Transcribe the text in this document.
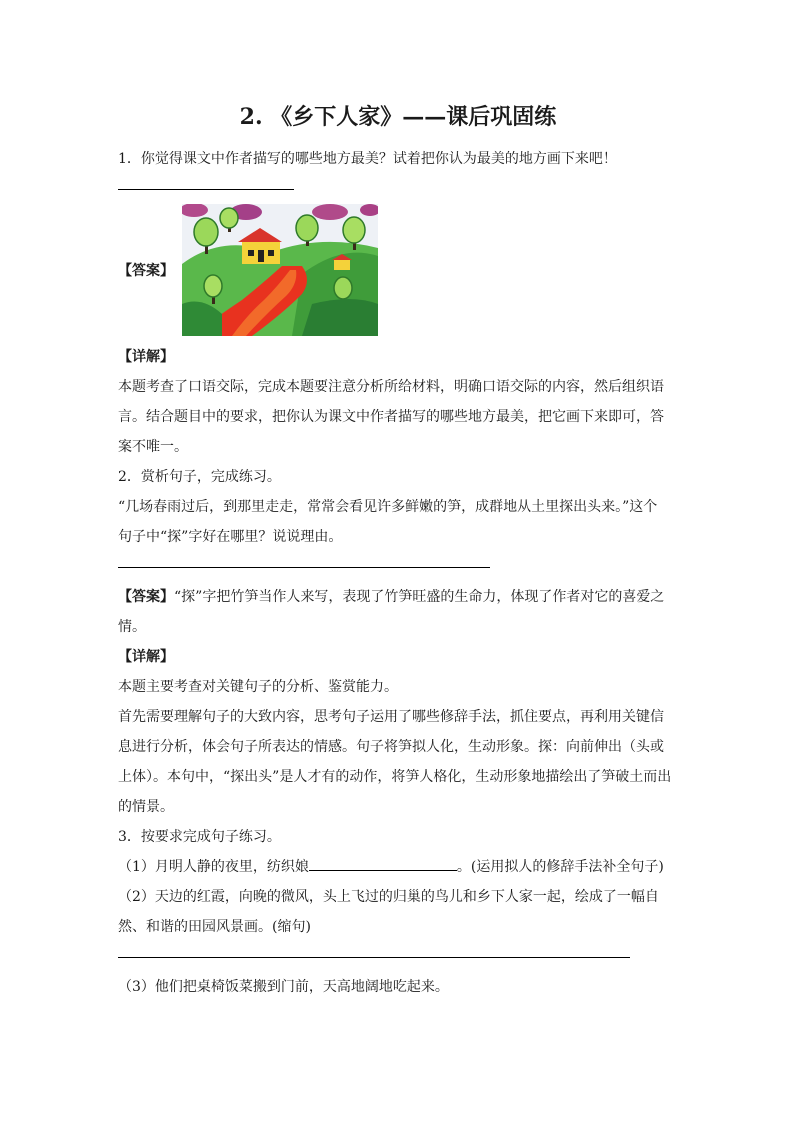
2. 《乡下人家》——课后巩固练

1．你觉得课文中作者描写的哪些地方最美？试着把你认为最美的地方画下来吧！

【答案】

【详解】

本题考查了口语交际，完成本题要注意分析所给材料，明确口语交际的内容，然后组织语

言。结合题目中的要求，把你认为课文中作者描写的哪些地方最美，把它画下来即可，答

案不唯一。

2．赏析句子，完成练习。

“几场春雨过后，到那里走走，常常会看见许多鲜嫩的笋，成群地从土里探出头来。”这个

句子中“探”字好在哪里？说说理由。

【答案】“探”字把竹笋当作人来写，表现了竹笋旺盛的生命力，体现了作者对它的喜爱之

情。

【详解】

本题主要考查对关键句子的分析、鉴赏能力。

首先需要理解句子的大致内容，思考句子运用了哪些修辞手法，抓住要点，再利用关键信

息进行分析，体会句子所表达的情感。句子将笋拟人化，生动形象。探：向前伸出（头或

上体）。本句中，“探出头”是人才有的动作，将笋人格化，生动形象地描绘出了笋破土而出

的情景。

3．按要求完成句子练习。

（1）月明人静的夜里，纺织娘	。(运用拟人的修辞手法补全句子)

（2）天边的红霞，向晚的微风，头上飞过的归巢的鸟儿和乡下人家一起，绘成了一幅自

然、和谐的田园风景画。(缩句)

（3）他们把桌椅饭菜搬到门前，天高地阔地吃起来。
